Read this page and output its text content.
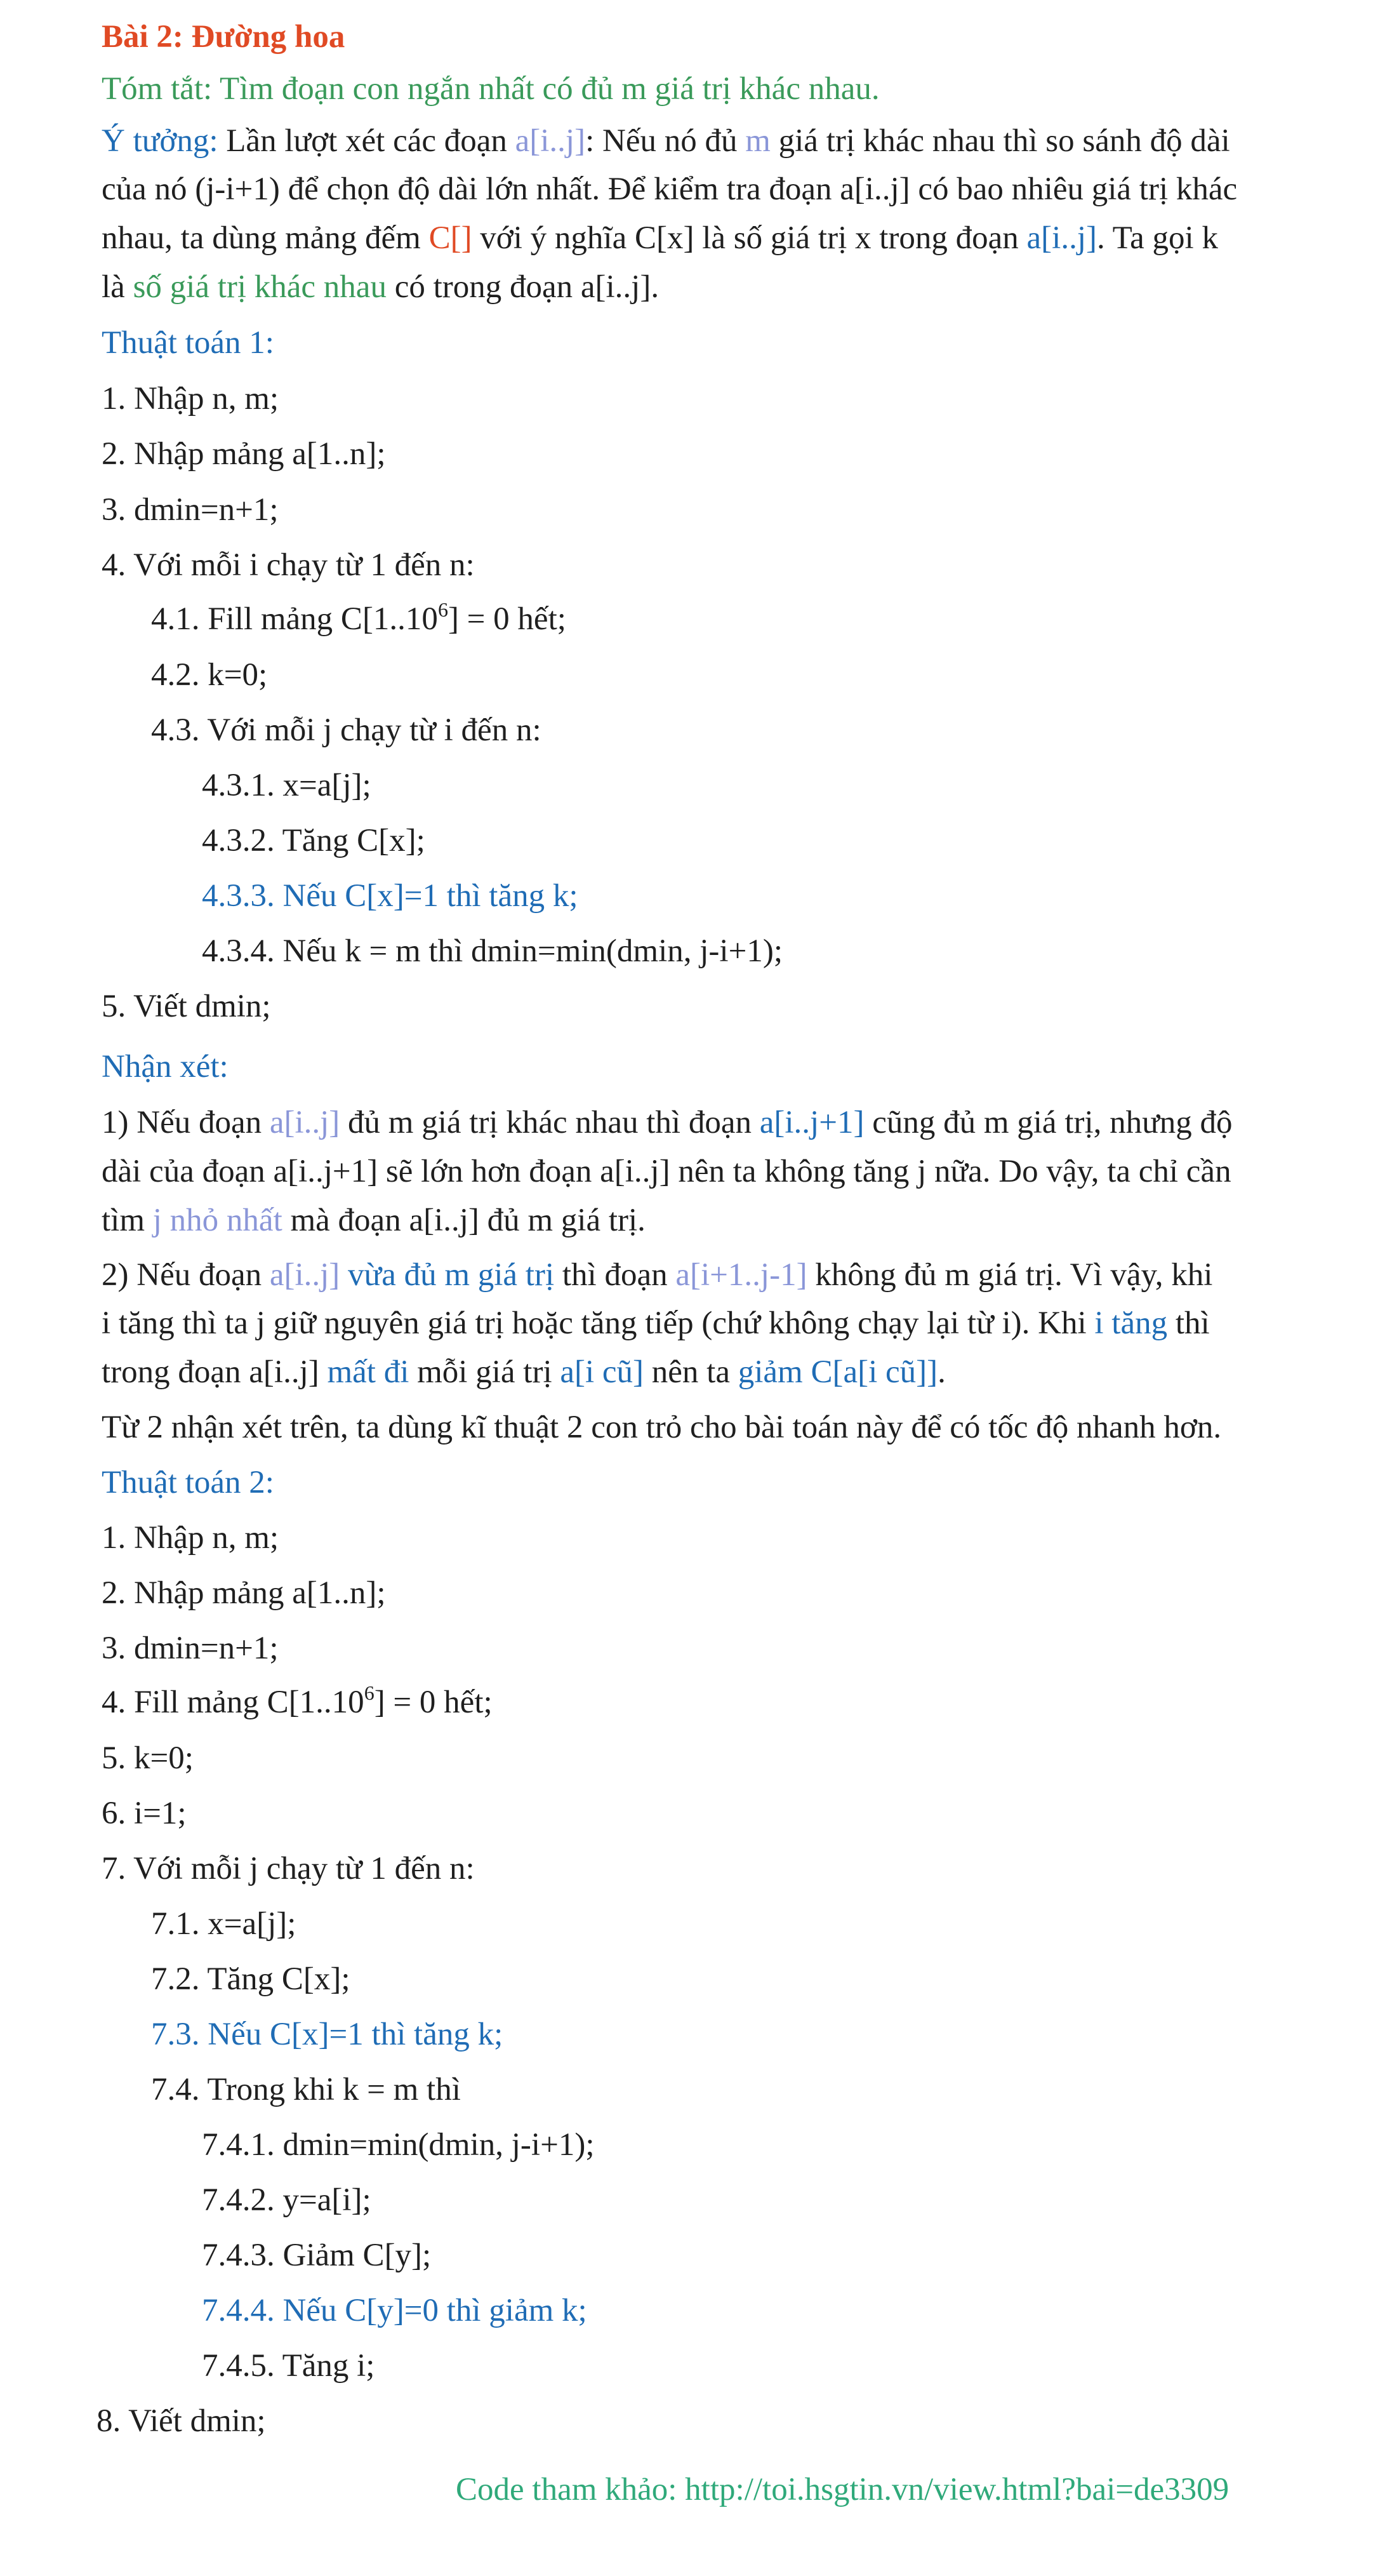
Bài 2: Đường hoa
Tóm tắt: Tìm đoạn con ngắn nhất có đủ m giá trị khác nhau.
Ý tưởng: Lần lượt xét các đoạn a[i..j]: Nếu nó đủ m giá trị khác nhau thì so sánh độ dài
của nó (j-i+1) để chọn độ dài lớn nhất. Để kiểm tra đoạn a[i..j] có bao nhiêu giá trị khác
nhau, ta dùng mảng đếm C[] với ý nghĩa C[x] là số giá trị x trong đoạn a[i..j]. Ta gọi k
là số giá trị khác nhau có trong đoạn a[i..j].
Thuật toán 1:
1. Nhập n, m;
2. Nhập mảng a[1..n];
3. dmin=n+1;
4. Với mỗi i chạy từ 1 đến n:
4.1. Fill mảng $C[1..10^6] = 0$ hết;
4.2. k=0;
4.3. Với mỗi j chạy từ i đến n:
4.3.1. x=a[j];
4.3.2. Tăng C[x];
4.3.3. Nếu C[x]=1 thì tăng k;
4.3.4. Nếu k = m thì dmin=min(dmin, j-i+1);
5. Viết dmin;
Nhận xét:
1) Nếu đoạn a[i..j] đủ m giá trị khác nhau thì đoạn a[i..j+1] cũng đủ m giá trị, nhưng độ
dài của đoạn a[i..j+1] sẽ lớn hơn đoạn a[i..j] nên ta không tăng j nữa. Do vậy, ta chỉ cần
tìm j nhỏ nhất mà đoạn a[i..j] đủ m giá trị.
2) Nếu đoạn a[i..j] vừa đủ m giá trị thì đoạn a[i+1..j-1] không đủ m giá trị. Vì vậy, khi
i tăng thì ta j giữ nguyên giá trị hoặc tăng tiếp (chứ không chạy lại từ i). Khi i tăng thì
trong đoạn a[i..j] mất đi mỗi giá trị a[i cũ] nên ta giảm C[a[i cũ]].
Từ 2 nhận xét trên, ta dùng kĩ thuật 2 con trỏ cho bài toán này để có tốc độ nhanh hơn.
Thuật toán 2:
1. Nhập n, m;
2. Nhập mảng a[1..n];
3. dmin=n+1;
4. Fill mảng $C[1..10^6] = 0$ hết;
5. k=0;
6. i=1;
7. Với mỗi j chạy từ 1 đến n:
7.1. x=a[j];
7.2. Tăng C[x];
7.3. Nếu C[x]=1 thì tăng k;
7.4. Trong khi k = m thì
7.4.1. dmin=min(dmin, j-i+1);
7.4.2. y=a[i];
7.4.3. Giảm C[y];
7.4.4. Nếu C[y]=0 thì giảm k;
7.4.5. Tăng i;
8. Viết dmin;
Code tham khảo: http://toi.hsgtin.vn/view.html?bai=de3309
